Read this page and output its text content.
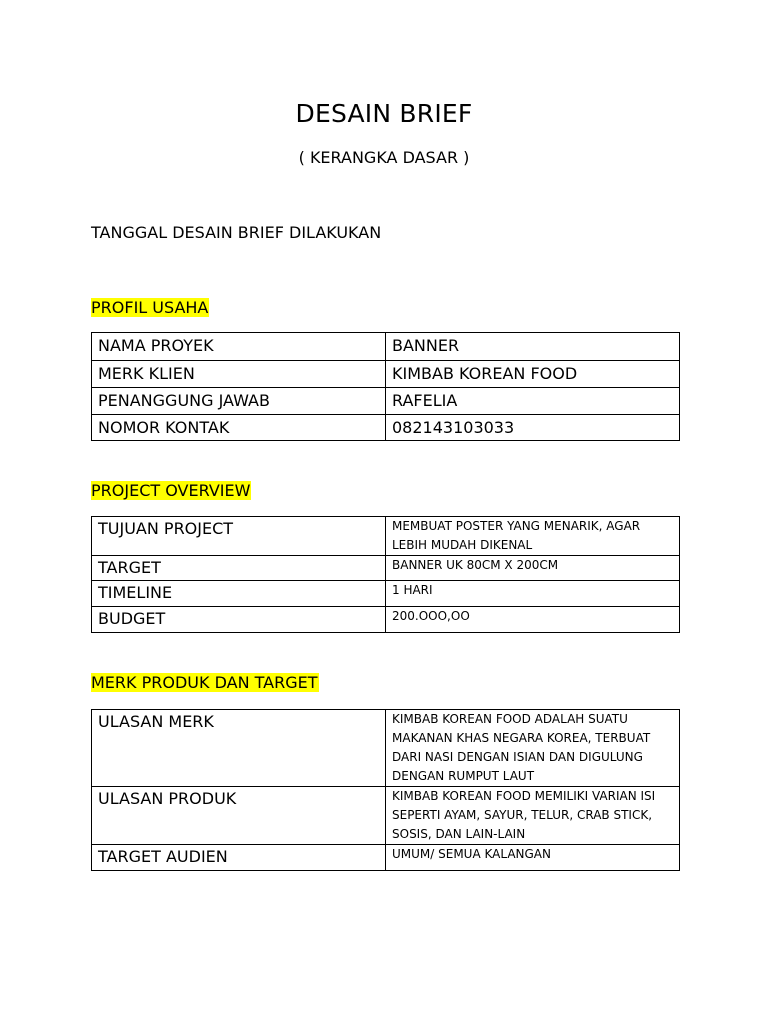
DESAIN BRIEF
( KERANGKA DASAR )
TANGGAL DESAIN BRIEF DILAKUKAN
PROFIL USAHA
NAMA PROYEK	BANNER
MERK KLIEN	KIMBAB KOREAN FOOD
PENANGGUNG JAWAB	RAFELIA
NOMOR KONTAK	082143103033
PROJECT OVERVIEW
TUJUAN PROJECT	MEMBUAT POSTER YANG MENARIK, AGAR LEBIH MUDAH DIKENAL
TARGET	BANNER UK 80CM X 200CM
TIMELINE	1 HARI
BUDGET	200.OOO,OO
MERK PRODUK DAN TARGET
ULASAN MERK	KIMBAB KOREAN FOOD ADALAH SUATU MAKANAN KHAS NEGARA KOREA, TERBUAT DARI NASI DENGAN ISIAN DAN DIGULUNG DENGAN RUMPUT LAUT
ULASAN PRODUK	KIMBAB KOREAN FOOD MEMILIKI VARIAN ISI SEPERTI AYAM, SAYUR, TELUR, CRAB STICK, SOSIS, DAN LAIN-LAIN
TARGET AUDIEN	UMUM/ SEMUA KALANGAN
